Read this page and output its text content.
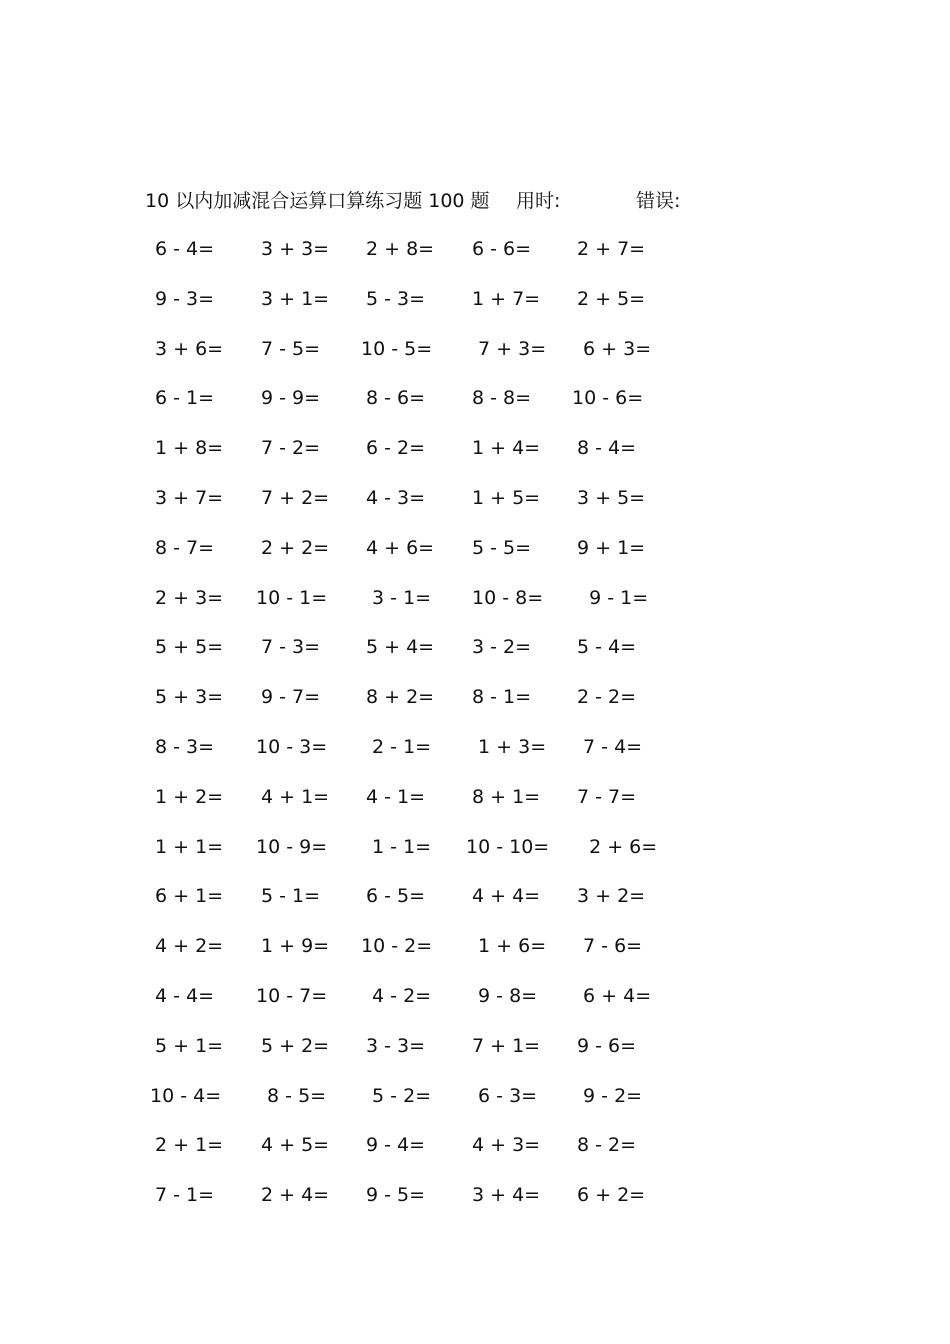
10 以内加减混合运算口算练习题 100 题 用时:	错误:
6 - 4= 3 + 3= 2 + 8= 6 - 6= 2 + 7=
9 - 3= 3 + 1= 5 - 3= 1 + 7= 2 + 5=
3 + 6= 7 - 5= 10 - 5= 7 + 3= 6 + 3=
6 - 1= 9 - 9= 8 - 6= 8 - 8= 10 - 6=
1 + 8= 7 - 2= 6 - 2= 1 + 4= 8 - 4=
3 + 7= 7 + 2= 4 - 3= 1 + 5= 3 + 5=
8 - 7= 2 + 2= 4 + 6= 5 - 5= 9 + 1=
2 + 3= 10 - 1= 3 - 1= 10 - 8= 9 - 1=
5 + 5= 7 - 3= 5 + 4= 3 - 2= 5 - 4=
5 + 3= 9 - 7= 8 + 2= 8 - 1= 2 - 2=
8 - 3= 10 - 3= 2 - 1= 1 + 3= 7 - 4=
1 + 2= 4 + 1= 4 - 1= 8 + 1= 7 - 7=
1 + 1= 10 - 9= 1 - 1= 10 - 10= 2 + 6=
6 + 1= 5 - 1= 6 - 5= 4 + 4= 3 + 2=
4 + 2= 1 + 9= 10 - 2= 1 + 6= 7 - 6=
4 - 4= 10 - 7= 4 - 2= 9 - 8= 6 + 4=
5 + 1= 5 + 2= 3 - 3= 7 + 1= 9 - 6=
10 - 4= 8 - 5= 5 - 2= 6 - 3= 9 - 2=
2 + 1= 4 + 5= 9 - 4= 4 + 3= 8 - 2=
7 - 1= 2 + 4= 9 - 5= 3 + 4= 6 + 2=
